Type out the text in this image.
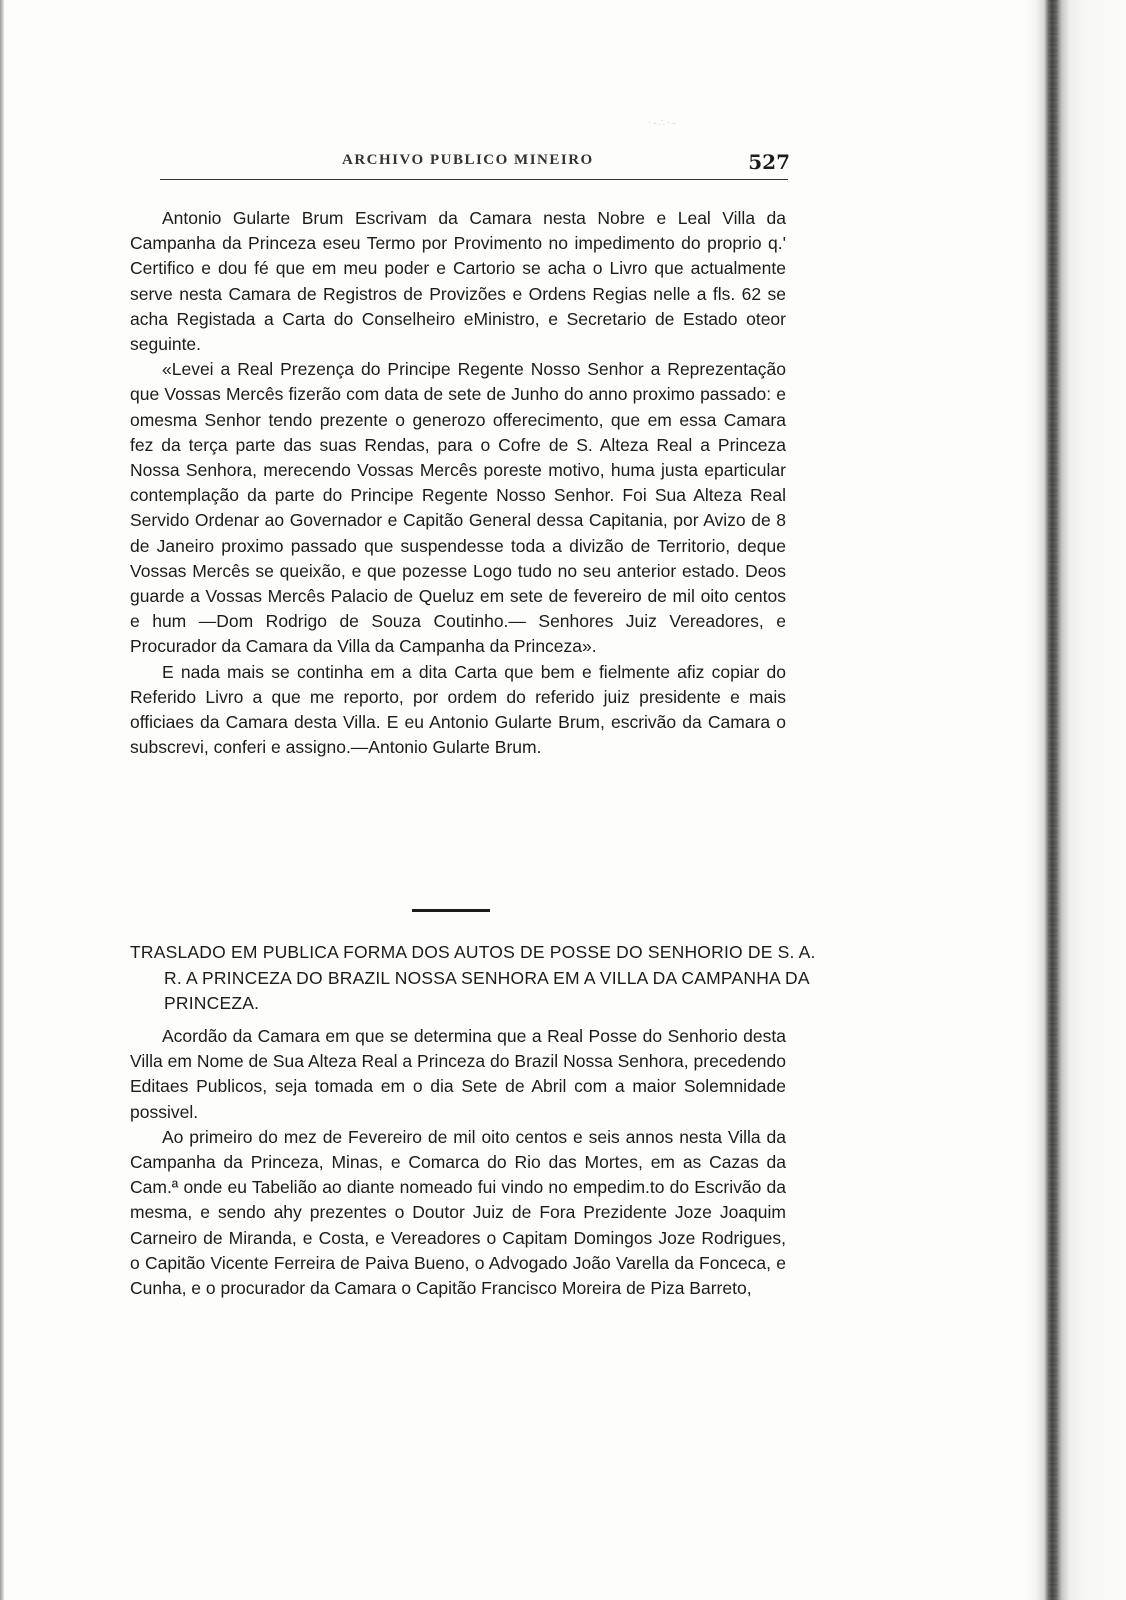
·‐∴·‐
ARCHIVO PUBLICO MINEIRO	527

Antonio Gularte Brum Escrivam da Camara nesta Nobre e Leal Villa da Campanha da Princeza eseu Termo por Provimento no impedimento do proprio q.' Certifico e dou fé que em meu poder e Cartorio se acha o Livro que actualmente serve nesta Camara de Registros de Provizões e Ordens Regias nelle a fls. 62 se acha Registada a Carta do Conselheiro eMinistro, e Secretario de Estado oteor seguinte.

«Levei a Real Prezença do Principe Regente Nosso Senhor a Reprezentação que Vossas Mercês fizerão com data de sete de Junho do anno proximo passado: e omesma Senhor tendo prezente o generozo offerecimento, que em essa Camara fez da terça parte das suas Rendas, para o Cofre de S. Alteza Real a Princeza Nossa Senhora, merecendo Vossas Mercês poreste motivo, huma justa eparticular contemplação da parte do Principe Regente Nosso Senhor. Foi Sua Alteza Real Servido Ordenar ao Governador e Capitão General dessa Capitania, por Avizo de 8 de Janeiro proximo passado que suspendesse toda a divizão de Territorio, deque Vossas Mercês se queixão, e que pozesse Logo tudo no seu anterior estado. Deos guarde a Vossas Mercês Palacio de Queluz em sete de fevereiro de mil oito centos e hum —Dom Rodrigo de Souza Coutinho.— Senhores Juiz Vereadores, e Procurador da Camara da Villa da Campanha da Princeza».

E nada mais se continha em a dita Carta que bem e fielmente afiz copiar do Referido Livro a que me reporto, por ordem do referido juiz presidente e mais officiaes da Camara desta Villa. E eu Antonio Gularte Brum, escrivão da Camara o subscrevi, conferi e assigno.—Antonio Gularte Brum.

TRASLADO EM PUBLICA FORMA DOS AUTOS DE POSSE DO SENHORIO DE S. A. R. A PRINCEZA DO BRAZIL NOSSA SENHORA EM A VILLA DA CAMPANHA DA PRINCEZA.

Acordão da Camara em que se determina que a Real Posse do Senhorio desta Villa em Nome de Sua Alteza Real a Princeza do Brazil Nossa Senhora, precedendo Editaes Publicos, seja tomada em o dia Sete de Abril com a maior Solemnidade possivel.

Ao primeiro do mez de Fevereiro de mil oito centos e seis annos nesta Villa da Campanha da Princeza, Minas, e Comarca do Rio das Mortes, em as Cazas da Cam.ª onde eu Tabelião ao diante nomeado fui vindo no empedim.to do Escrivão da mesma, e sendo ahy prezentes o Doutor Juiz de Fora Prezidente Joze Joaquim Carneiro de Miranda, e Costa, e Vereadores o Capitam Domingos Joze Rodrigues, o Capitão Vicente Ferreira de Paiva Bueno, o Advogado João Varella da Fonceca, e Cunha, e o procurador da Camara o Capitão Francisco Moreira de Piza Barreto,
